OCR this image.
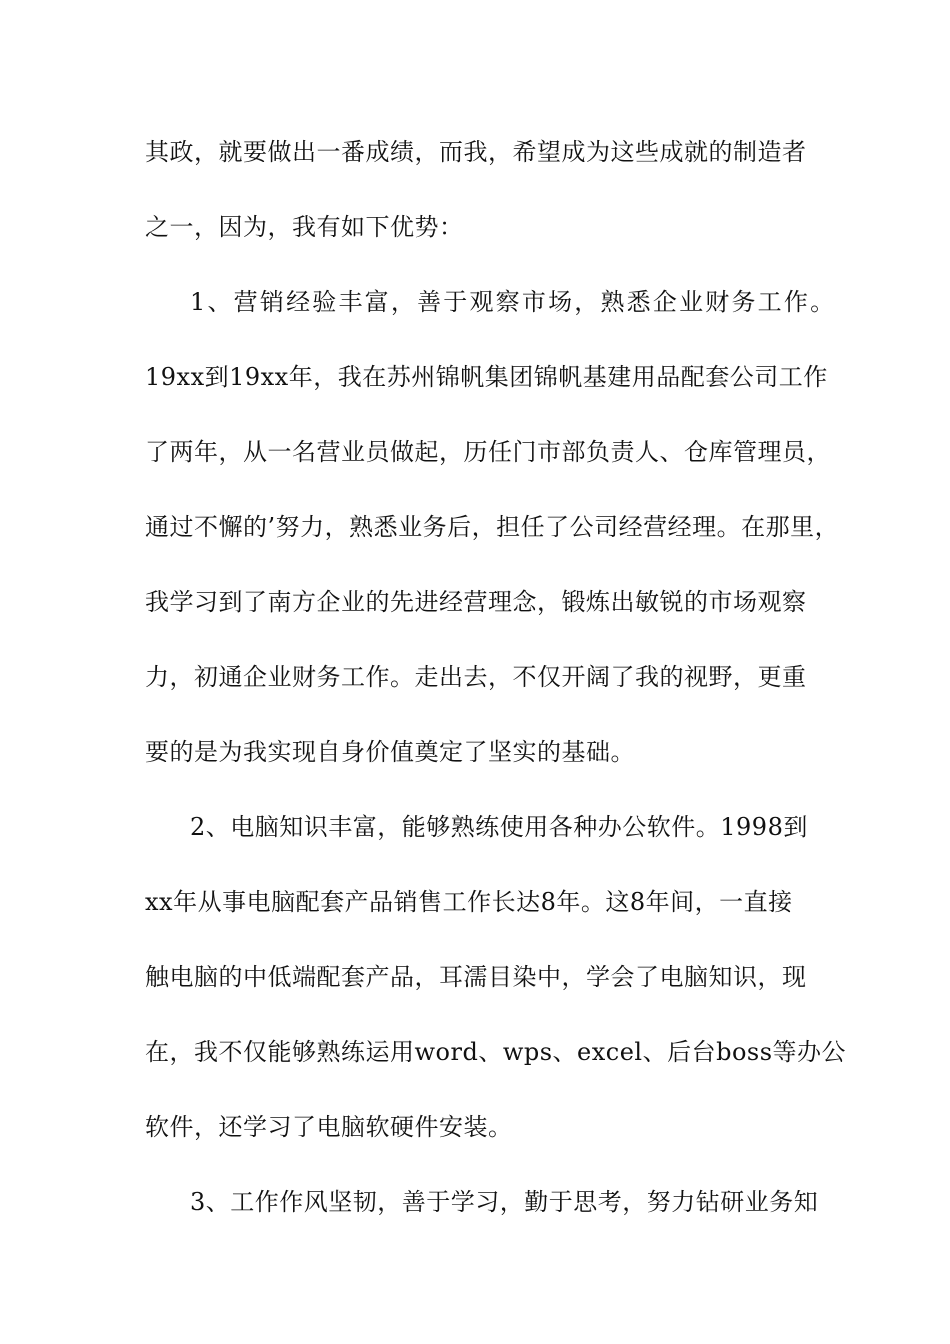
其政，就要做出一番成绩，而我，希望成为这些成就的制造者
之一，因为，我有如下优势：
1、营销经验丰富，善于观察市场，熟悉企业财务工作。
19xx到19xx年，我在苏州锦帆集团锦帆基建用品配套公司工作
了两年，从一名营业员做起，历任门市部负责人、仓库管理员，
通过不懈的’努力，熟悉业务后，担任了公司经营经理。在那里，
我学习到了南方企业的先进经营理念，锻炼出敏锐的市场观察
力，初通企业财务工作。走出去，不仅开阔了我的视野，更重
要的是为我实现自身价值奠定了坚实的基础。
2、电脑知识丰富，能够熟练使用各种办公软件。1998到
xx年从事电脑配套产品销售工作长达8年。这8年间，一直接
触电脑的中低端配套产品，耳濡目染中，学会了电脑知识，现
在，我不仅能够熟练运用word、wps、excel、后台boss等办公
软件，还学习了电脑软硬件安装。
3、工作作风坚韧，善于学习，勤于思考，努力钻研业务知
